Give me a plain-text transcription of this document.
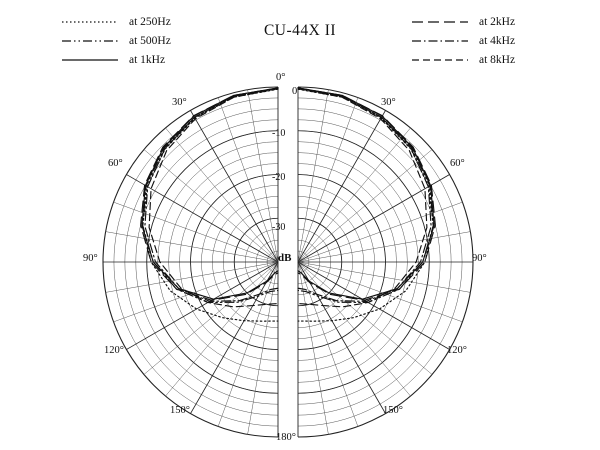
CU-44X II
at 250Hz
at 500Hz
at 1kHz
at 2kHz
at 4kHz
at 8kHz
0°
0°
30°
60°
90°
120°
150°
180°
30°
60°
90°
120°
150°
-10
-20
-30
dB
